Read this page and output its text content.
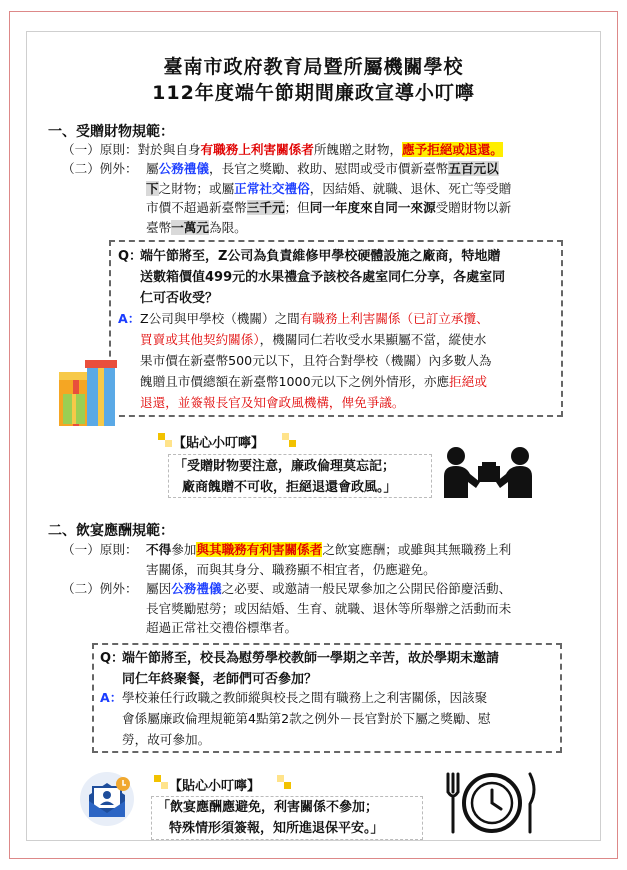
臺南市政府教育局暨所屬機關學校
112年度端午節期間廉政宣導小叮嚀
一、受贈財物規範：
（一）原則：對於與自身有職務上利害關係者所餽贈之財物，應予拒絕或退還。
（二）例外： 屬公務禮儀，長官之獎勵、救助、慰問或受市價新臺幣五百元以
下之財物；或屬正常社交禮俗，因結婚、就職、退休、死亡等受贈
市價不超過新臺幣三千元；但同一年度來自同一來源受贈財物以新
臺幣一萬元為限。
Q：
端午節將至，Z公司為負責維修甲學校硬體設施之廠商，特地贈
送數箱價值499元的水果禮盒予該校各處室同仁分享，各處室同
仁可否收受？
A： Z公司與甲學校（機關）之間有職務上利害關係（已訂立承攬、
買賣或其他契約關係），機關同仁若收受水果顯屬不當，縱使水
果市價在新臺幣500元以下，且符合對學校（機關）內多數人為
餽贈且市價總額在新臺幣1000元以下之例外情形，亦應拒絕或
退還，並簽報長官及知會政風機構，俾免爭議。
【貼心小叮嚀】
「受贈財物要注意，廉政倫理莫忘記；
廠商餽贈不可收，拒絕退還會政風。」
二、飲宴應酬規範：
（一）原則： 不得參加與其職務有利害關係者之飲宴應酬；或雖與其無職務上利
害關係，而與其身分、職務顯不相宜者，仍應避免。
（二）例外： 屬因公務禮儀之必要、或邀請一般民眾參加之公開民俗節慶活動、
長官獎勵慰勞；或因結婚、生育、就職、退休等所舉辦之活動而未
超過正常社交禮俗標準者。
Q：
端午節將至，校長為慰勞學校教師一學期之辛苦，故於學期末邀請
同仁年終聚餐，老師們可否參加？
A： 學校兼任行政職之教師縱與校長之間有職務上之利害關係，因該聚
會係屬廉政倫理規範第4點第2款之例外－長官對於下屬之獎勵、慰
勞，故可參加。
【貼心小叮嚀】
「飲宴應酬應避免，利害關係不參加；
特殊情形須簽報，知所進退保平安。」
